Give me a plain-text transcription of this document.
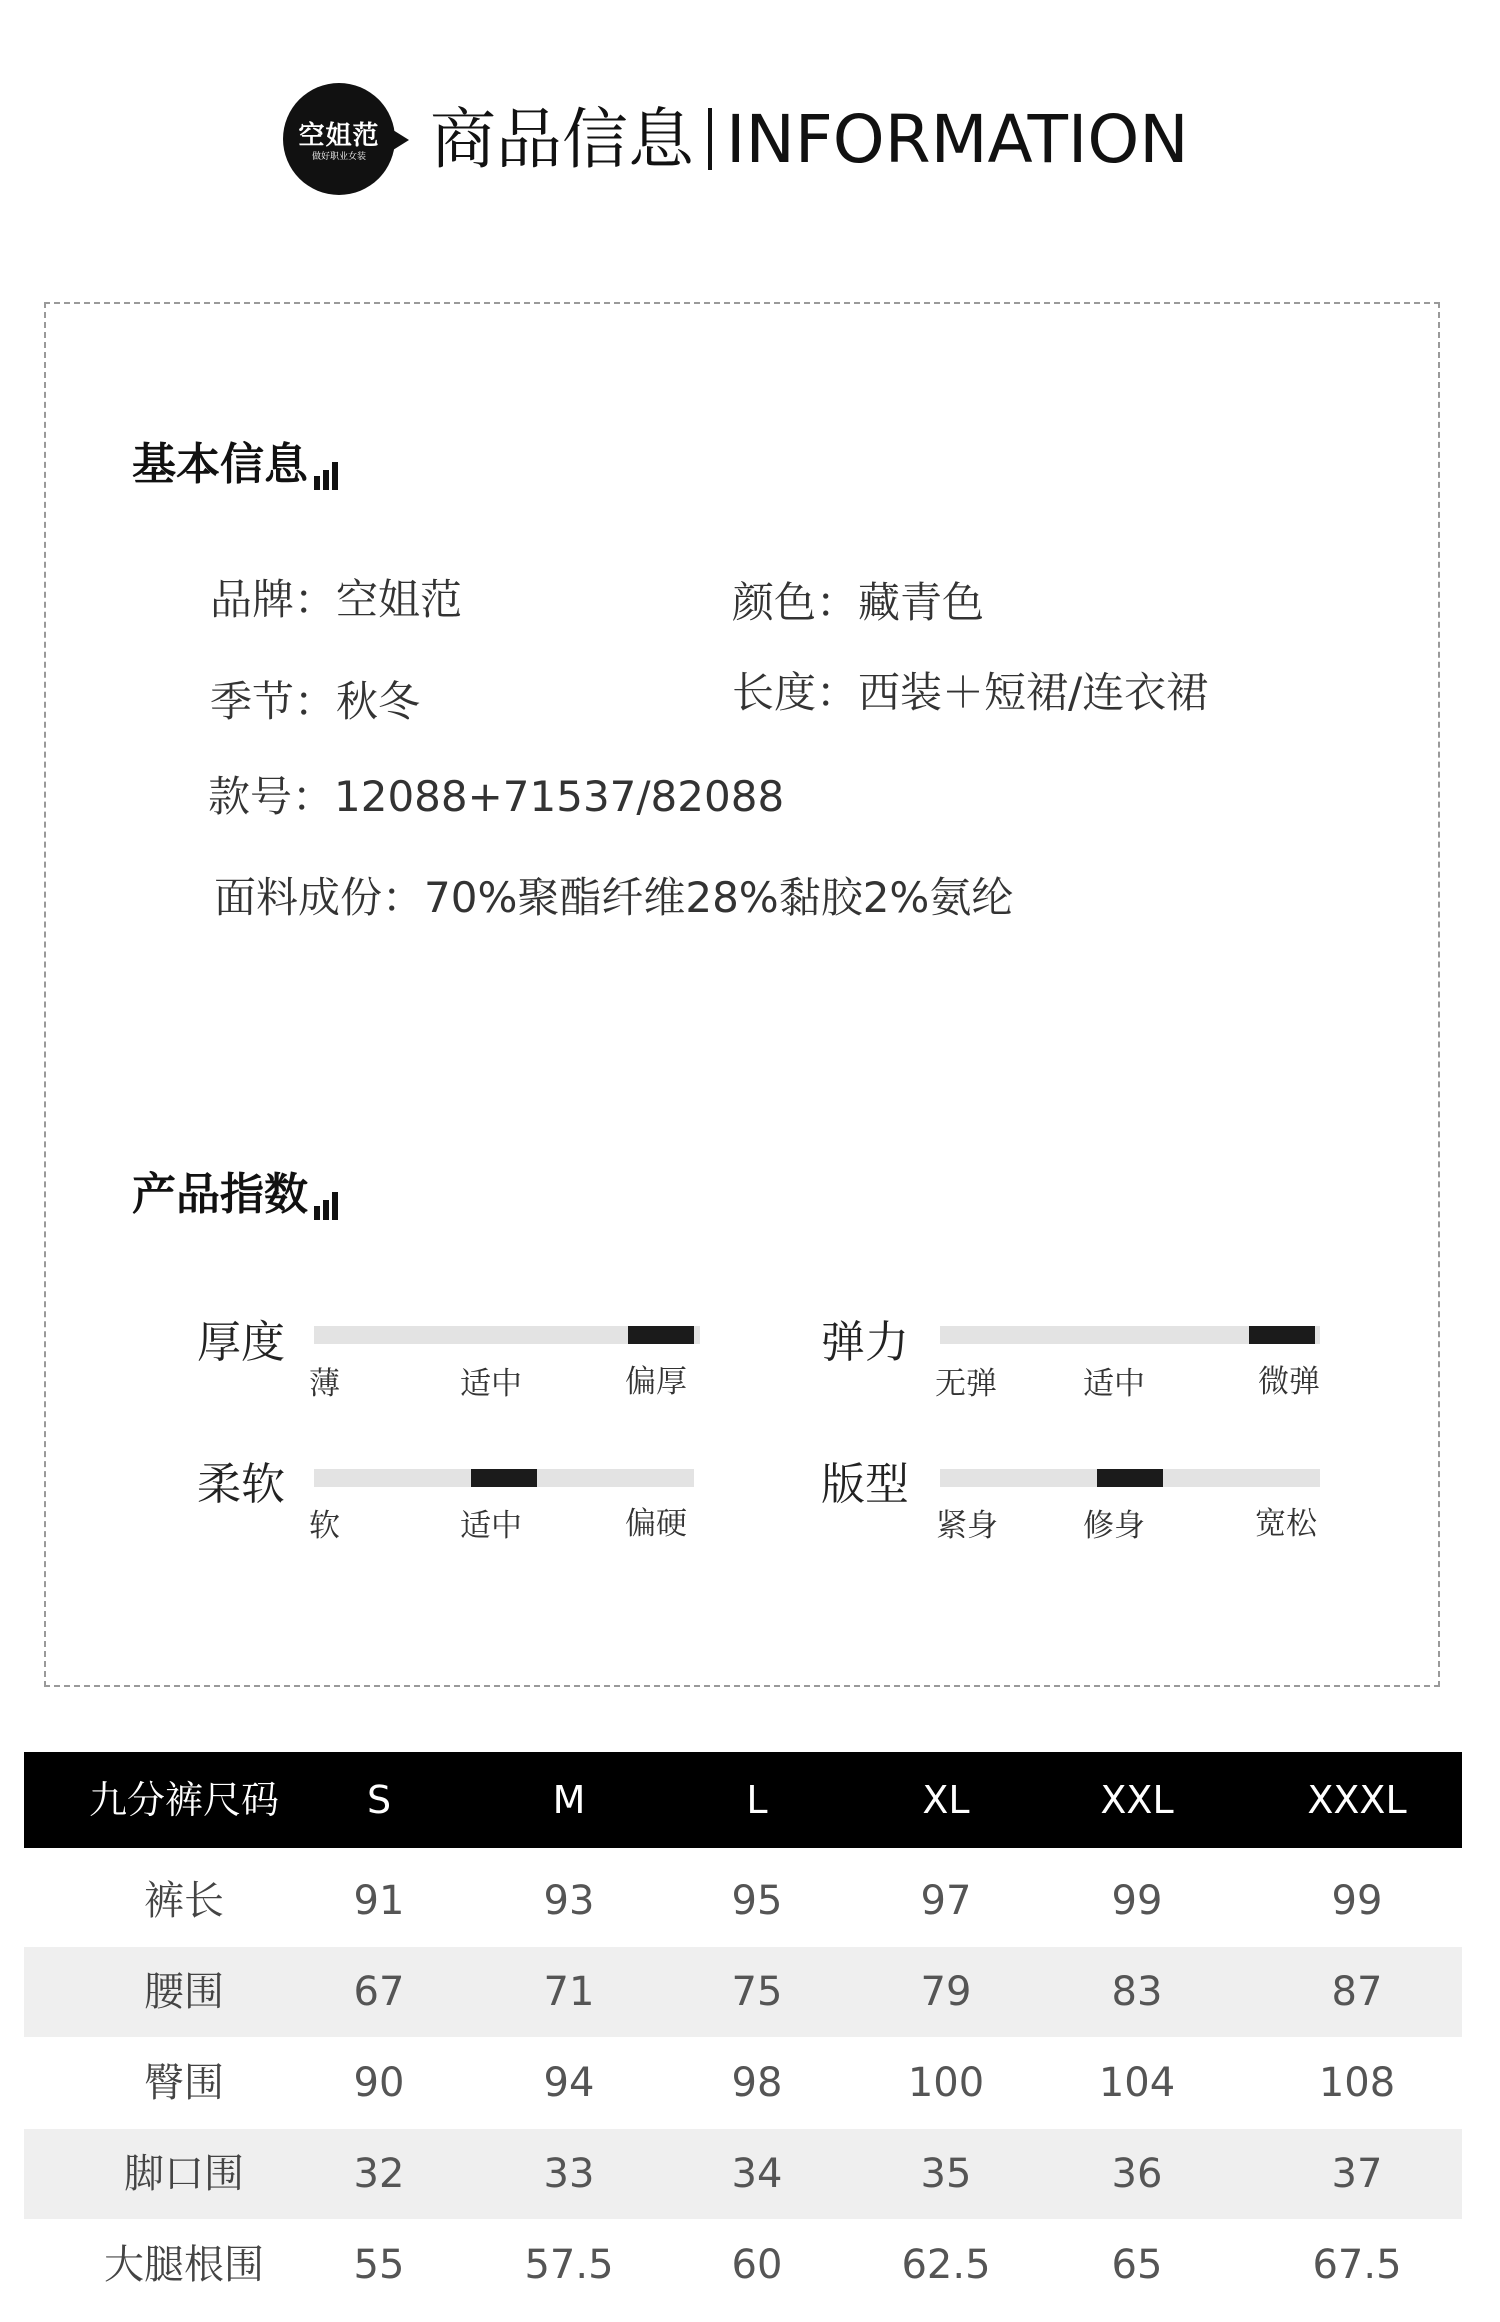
空姐范
做好职业女装 商品信息 INFORMATION
基本信息
品牌：空姐范	颜色：藏青色
季节：秋冬	长度：西装＋短裙/连衣裙
款号：12088+71537/82088
面料成份：70%聚酯纤维28%黏胶2%氨纶
产品指数
厚度
薄	适中	偏厚
弹力
无弹	适中	微弹
柔软
软	适中	偏硬
版型
紧身	修身	宽松
九分裤尺码	S	M	L	XL	XXL	XXXL
裤长	91	93	95	97	99	99
腰围	67	71	75	79	83	87
臀围	90	94	98	100	104	108
脚口围	32	33	34	35	36	37
大腿根围	55	57.5	60	62.5	65	67.5
